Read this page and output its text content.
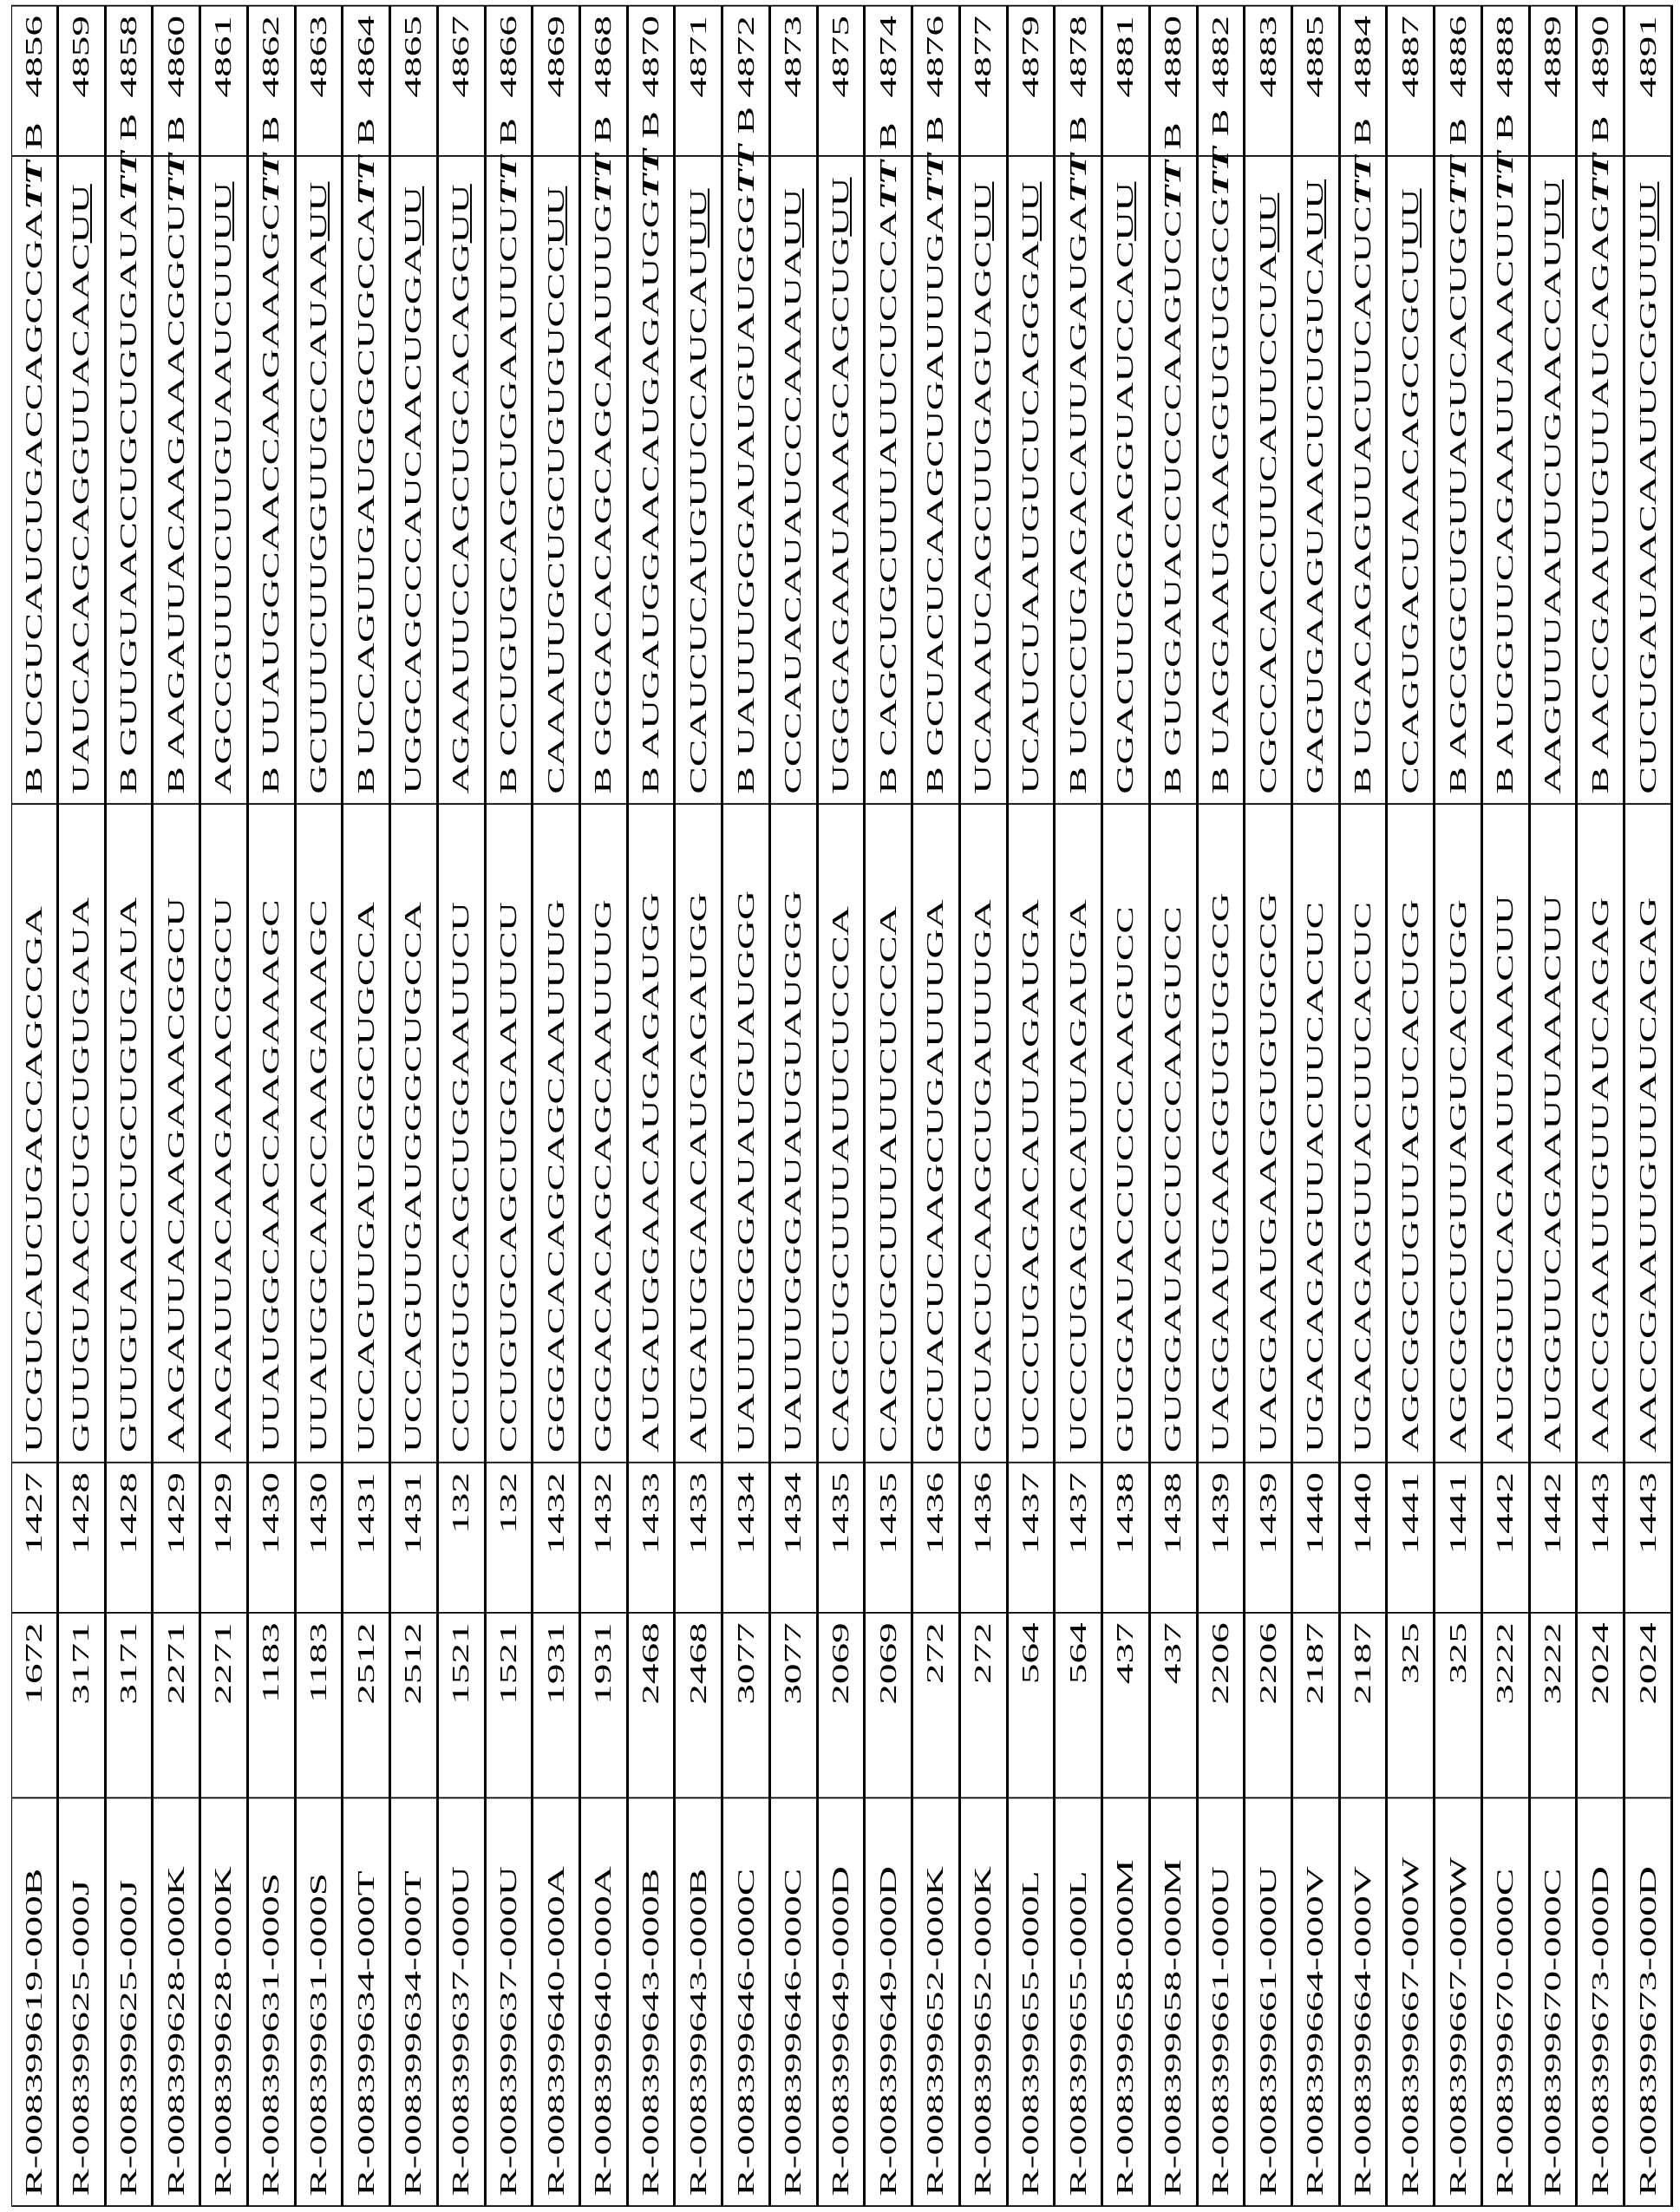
R-008399619-000B	1672	1427	UCGUCAUCUGACCAGCCGA	B UCGUCAUCUGACCAGCCGATT B	4856
R-008399625-000J	3171	1428	GUUGUAACCUGCUGUGAUA	UAUCACAGCAGGUUACAACUU	4859
R-008399625-000J	3171	1428	GUUGUAACCUGCUGUGAUA	B GUUGUAACCUGCUGUGAUATT B	4858
R-008399628-000K	2271	1429	AAGAUUACAAGAAACGGCU	B AAGAUUACAAGAAACGGCUTT B	4860
R-008399628-000K	2271	1429	AAGAUUACAAGAAACGGCU	AGCCGUUUCUUGUAAUCUUUU	4861
R-008399631-000S	1183	1430	UUAUGGCAACCAAGAAAGC	B UUAUGGCAACCAAGAAAGCTT B	4862
R-008399631-000S	1183	1430	UUAUGGCAACCAAGAAAGC	GCUUUCUUGGUUGCCAUAAUU	4863
R-008399634-000T	2512	1431	UCCAGUUGAUGGGCUGCCA	B UCCAGUUGAUGGGCUGCCATT B	4864
R-008399634-000T	2512	1431	UCCAGUUGAUGGGCUGCCA	UGGCAGCCCAUCAACUGGAUU	4865
R-008399637-000U	1521	132	CCUGUGCAGCUGGAAUUCU	AGAAUUCCAGCUGCACAGGUU	4867
R-008399637-000U	1521	132	CCUGUGCAGCUGGAAUUCU	B CCUGUGCAGCUGGAAUUCUTT B	4866
R-008399640-000A	1931	1432	GGGACACAGCAGCAAUUUG	CAAAUUGCUGCUGUGUCCCUU	4869
R-008399640-000A	1931	1432	GGGACACAGCAGCAAUUUG	B GGGACACAGCAGCAAUUUGTT B	4868
R-008399643-000B	2468	1433	AUGAUGGAACAUGAGAUGG	B AUGAUGGAACAUGAGAUGGTT B	4870
R-008399643-000B	2468	1433	AUGAUGGAACAUGAGAUGG	CCAUCUCAUGUUCCAUCAUUU	4871
R-008399646-000C	3077	1434	UAUUUGGGAUAUGUAUGGG	B UAUUUGGGAUAUGUAUGGGTT B	4872
R-008399646-000C	3077	1434	UAUUUGGGAUAUGUAUGGG	CCCAUACAUAUCCCAAAUAUU	4873
R-008399649-000D	2069	1435	CAGCUGCUUUAUUCUCCCA	UGGGAGAAUAAAGCAGCUGUU	4875
R-008399649-000D	2069	1435	CAGCUGCUUUAUUCUCCCA	B CAGCUGCUUUAUUCUCCCATT B	4874
R-008399652-000K	272	1436	GCUACUCAAGCUGAUUUGA	B GCUACUCAAGCUGAUUUGATT B	4876
R-008399652-000K	272	1436	GCUACUCAAGCUGAUUUGA	UCAAAUCAGCUUGAGUAGCUU	4877
R-008399655-000L	564	1437	UCCCUGAGACAUUAGAUGA	UCAUCUAAUGUCUCAGGGAUU	4879
R-008399655-000L	564	1437	UCCCUGAGACAUUAGAUGA	B UCCCUGAGACAUUAGAUGATT B	4878
R-008399658-000M	437	1438	GUGGAUACCUCCCAAGUCC	GGACUUGGGAGGUAUCCACUU	4881
R-008399658-000M	437	1438	GUGGAUACCUCCCAAGUCC	B GUGGAUACCUCCCAAGUCCTT B	4880
R-008399661-000U	2206	1439	UAGGAAUGAAGGUGUGGCG	B UAGGAAUGAAGGUGUGGCGTT B	4882
R-008399661-000U	2206	1439	UAGGAAUGAAGGUGUGGCG	CGCCACACCUUCAUUCCUAUU	4883
R-008399664-000V	2187	1440	UGACAGAGUUACUUCACUC	GAGUGAAGUAACUCUGUCAUU	4885
R-008399664-000V	2187	1440	UGACAGAGUUACUUCACUC	B UGACAGAGUUACUUCACUCTT B	4884
R-008399667-000W	325	1441	AGCGGCUGUUAGUCACUGG	CCAGUGACUAACAGCCGCUUU	4887
R-008399667-000W	325	1441	AGCGGCUGUUAGUCACUGG	B AGCGGCUGUUAGUCACUGGTT B	4886
R-008399670-000C	3222	1442	AUGGUUCAGAAUUAAACUU	B AUGGUUCAGAAUUAAACUUTT B	4888
R-008399670-000C	3222	1442	AUGGUUCAGAAUUAAACUU	AAGUUUAAUUCUGAACCAUUU	4889
R-008399673-000D	2024	1443	AACCGAAUUGUUAUCAGAG	B AACCGAAUUGUUAUCAGAGTT B	4890
R-008399673-000D	2024	1443	AACCGAAUUGUUAUCAGAG	CUCUGAUAACAAUUCGGUUUU	4891
